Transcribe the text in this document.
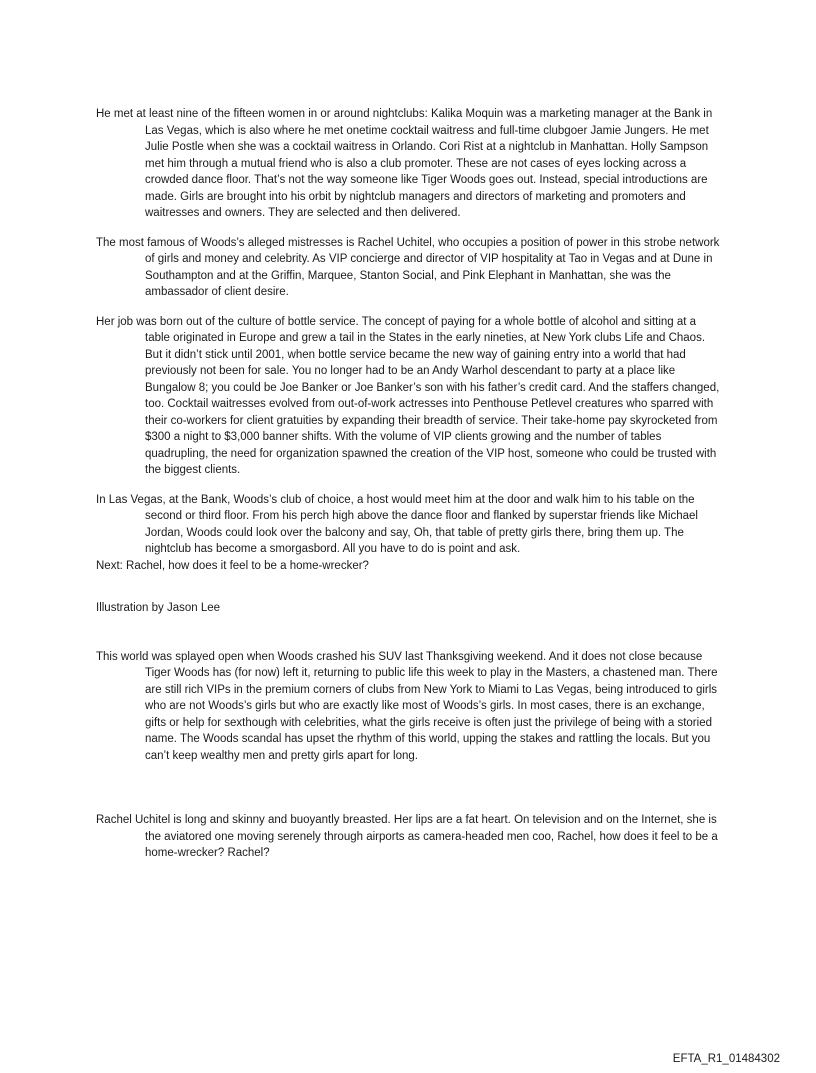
He met at least nine of the fifteen women in or around nightclubs: Kalika Moquin was a marketing manager at the Bank in Las Vegas, which is also where he met onetime cocktail waitress and full-time clubgoer Jamie Jungers. He met Julie Postle when she was a cocktail waitress in Orlando. Cori Rist at a nightclub in Manhattan. Holly Sampson met him through a mutual friend who is also a club promoter. These are not cases of eyes locking across a crowded dance floor. That’s not the way someone like Tiger Woods goes out. Instead, special introductions are made. Girls are brought into his orbit by nightclub managers and directors of marketing and promoters and waitresses and owners. They are selected and then delivered.

The most famous of Woods’s alleged mistresses is Rachel Uchitel, who occupies a position of power in this strobe network of girls and money and celebrity. As VIP concierge and director of VIP hospitality at Tao in Vegas and at Dune in Southampton and at the Griffin, Marquee, Stanton Social, and Pink Elephant in Manhattan, she was the ambassador of client desire.

Her job was born out of the culture of bottle service. The concept of paying for a whole bottle of alcohol and sitting at a table originated in Europe and grew a tail in the States in the early nineties, at New York clubs Life and Chaos. But it didn’t stick until 2001, when bottle service became the new way of gaining entry into a world that had previously not been for sale. You no longer had to be an Andy Warhol descendant to party at a place like Bungalow 8; you could be Joe Banker or Joe Banker’s son with his father’s credit card. And the staffers changed, too. Cocktail waitresses evolved from out-of-work actresses into Penthouse Petlevel creatures who sparred with their co-workers for client gratuities by expanding their breadth of service. Their take-home pay skyrocketed from $300 a night to $3,000 banner shifts. With the volume of VIP clients growing and the number of tables quadrupling, the need for organization spawned the creation of the VIP host, someone who could be trusted with the biggest clients.

In Las Vegas, at the Bank, Woods’s club of choice, a host would meet him at the door and walk him to his table on the second or third floor. From his perch high above the dance floor and flanked by superstar friends like Michael Jordan, Woods could look over the balcony and say, Oh, that table of pretty girls there, bring them up. The nightclub has become a smorgasbord. All you have to do is point and ask.

Next: Rachel, how does it feel to be a home-wrecker?

Illustration by Jason Lee

This world was splayed open when Woods crashed his SUV last Thanksgiving weekend. And it does not close because Tiger Woods has (for now) left it, returning to public life this week to play in the Masters, a chastened man. There are still rich VIPs in the premium corners of clubs from New York to Miami to Las Vegas, being introduced to girls who are not Woods’s girls but who are exactly like most of Woods’s girls. In most cases, there is an exchange, gifts or help for sexthough with celebrities, what the girls receive is often just the privilege of being with a storied name. The Woods scandal has upset the rhythm of this world, upping the stakes and rattling the locals. But you can’t keep wealthy men and pretty girls apart for long.

Rachel Uchitel is long and skinny and buoyantly breasted. Her lips are a fat heart. On television and on the Internet, she is the aviatored one moving serenely through airports as camera-headed men coo, Rachel, how does it feel to be a home-wrecker? Rachel?

EFTA_R1_01484302
